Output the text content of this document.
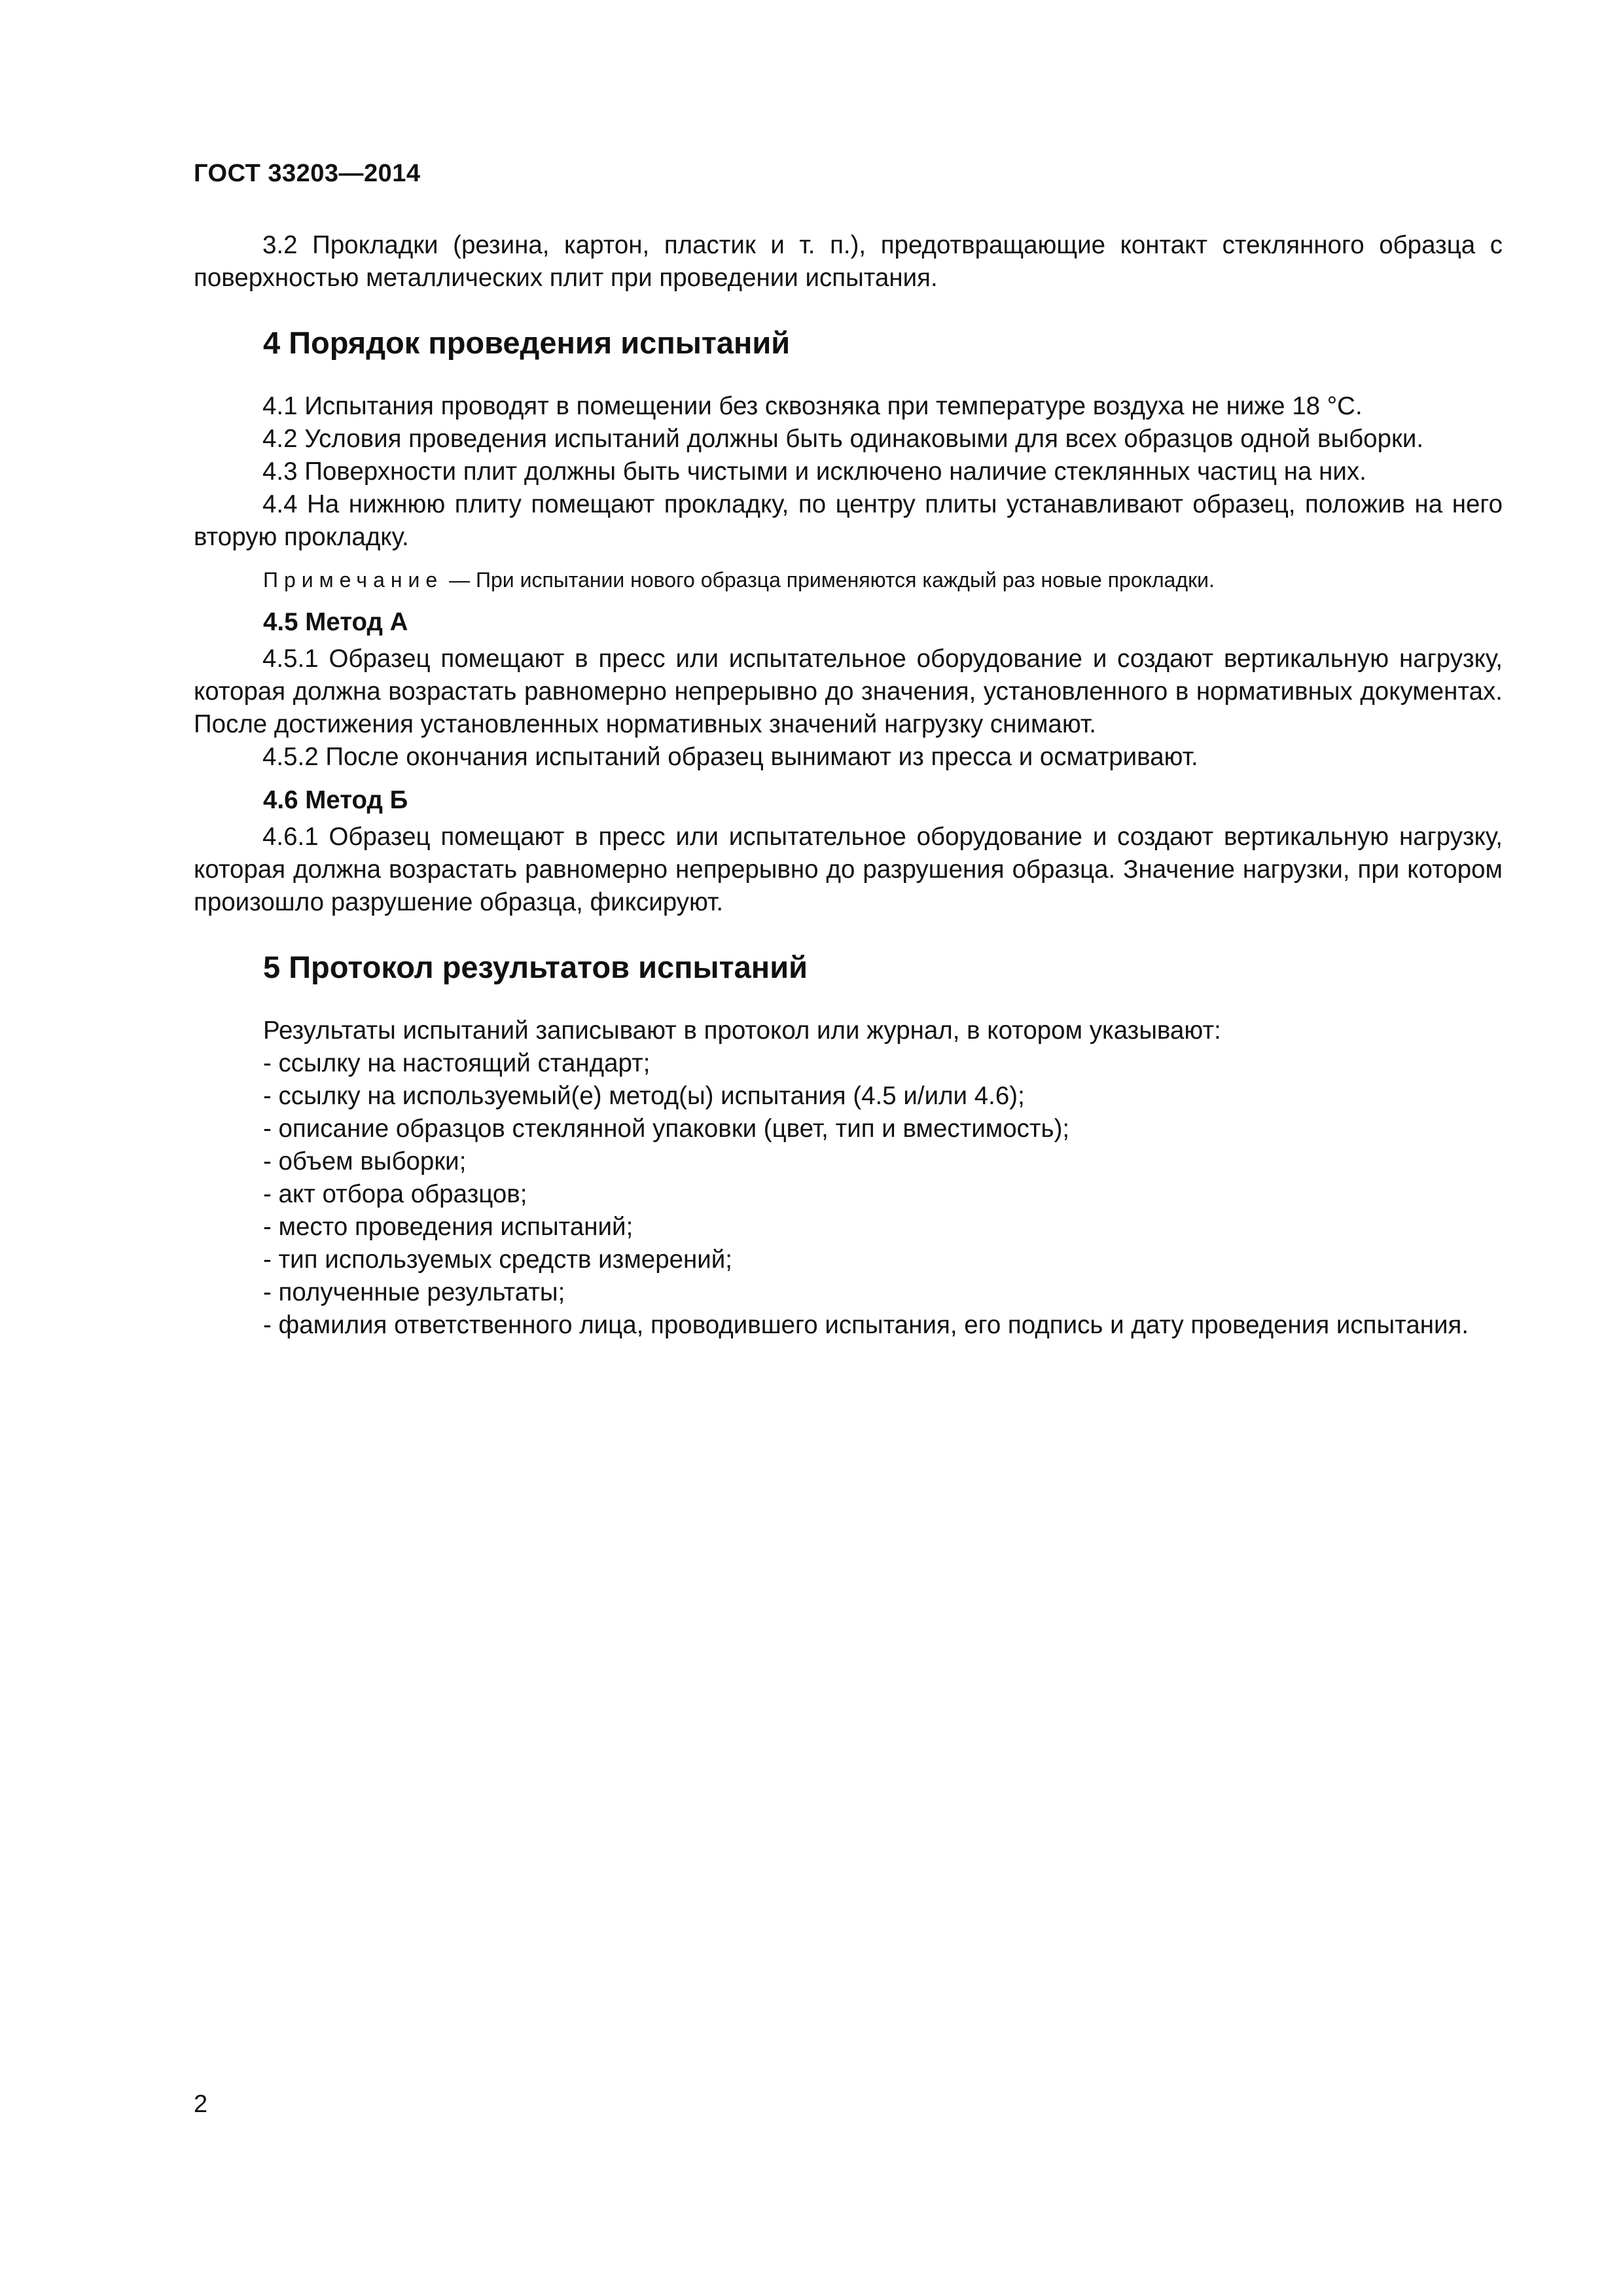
ГОСТ 33203—2014

3.2 Прокладки (резина, картон, пластик и т. п.), предотвращающие контакт стеклянного образца с поверхностью металлических плит при проведении испытания.

4 Порядок проведения испытаний

4.1 Испытания проводят в помещении без сквозняка при температуре воздуха не ниже 18 °С.

4.2 Условия проведения испытаний должны быть одинаковыми для всех образцов одной выборки.

4.3 Поверхности плит должны быть чистыми и исключено наличие стеклянных частиц на них.

4.4 На нижнюю плиту помещают прокладку, по центру плиты устанавливают образец, положив на него вторую прокладку.

Примечание — При испытании нового образца применяются каждый раз новые прокладки.
4.5 Метод А

4.5.1 Образец помещают в пресс или испытательное оборудование и создают вертикальную нагрузку, которая должна возрастать равномерно непрерывно до значения, установленного в нормативных документах. После достижения установленных нормативных значений нагрузку снимают.

4.5.2 После окончания испытаний образец вынимают из пресса и осматривают.

4.6 Метод Б

4.6.1 Образец помещают в пресс или испытательное оборудование и создают вертикальную нагрузку, которая должна возрастать равномерно непрерывно до разрушения образца. Значение нагрузки, при котором произошло разрушение образца, фиксируют.

5 Протокол результатов испытаний

Результаты испытаний записывают в протокол или журнал, в котором указывают:

- ссылку на настоящий стандарт;
- ссылку на используемый(е) метод(ы) испытания (4.5 и/или 4.6);
- описание образцов стеклянной упаковки (цвет, тип и вместимость);
- объем выборки;
- акт отбора образцов;
- место проведения испытаний;
- тип используемых средств измерений;
- полученные результаты;
- фамилия ответственного лица, проводившего испытания, его подпись и дату проведения испытания.
2
